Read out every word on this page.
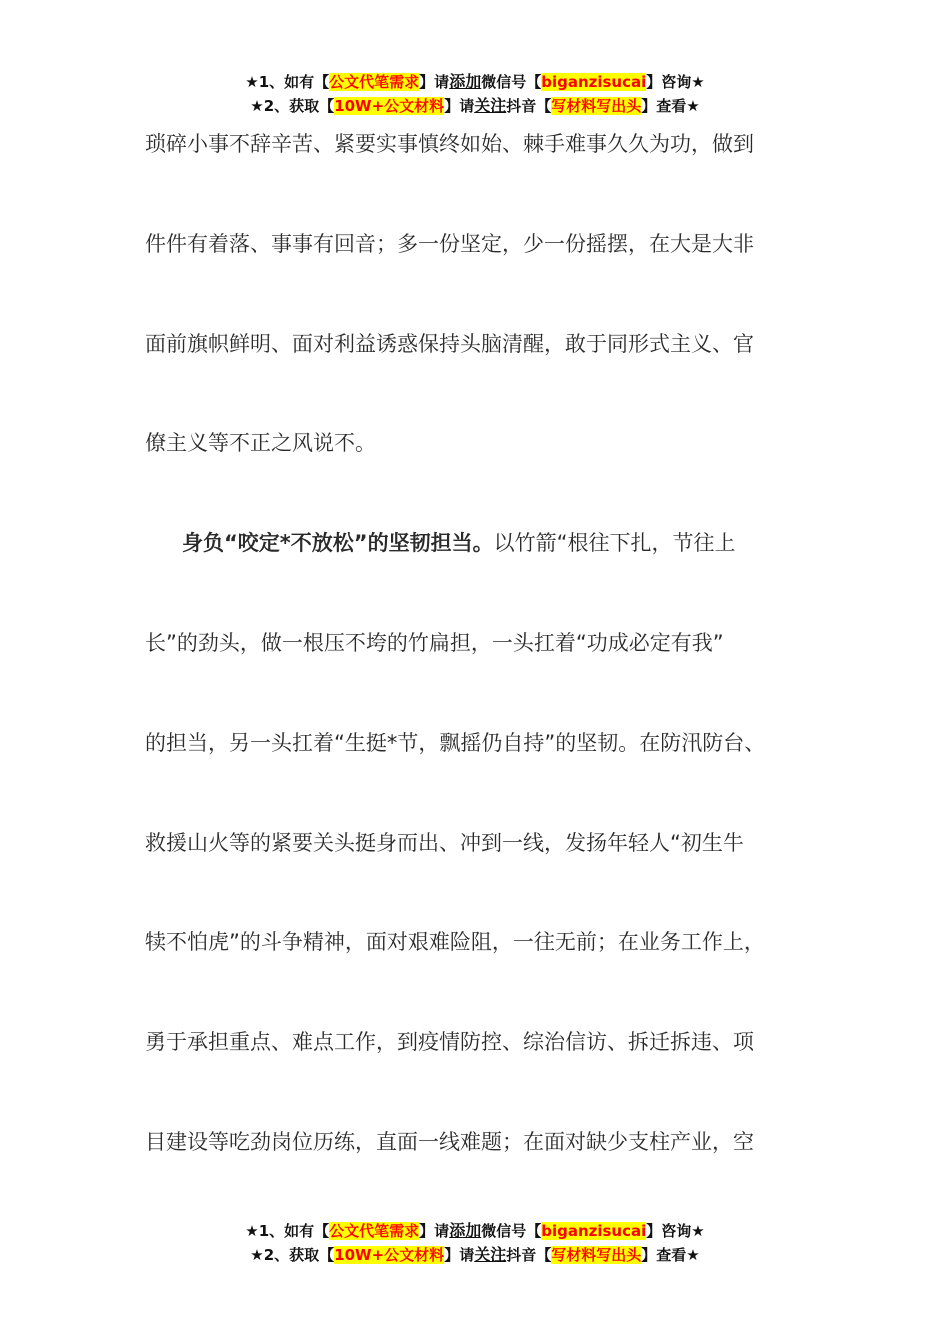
★1、如有【公文代笔需求】请添加微信号【biganzisucai】咨询★
★2、获取【10W+公文材料】请关注抖音【写材料写出头】查看★
琐碎小事不辞辛苦、紧要实事慎终如始、棘手难事久久为功，做到
件件有着落、事事有回音；多一份坚定，少一份摇摆，在大是大非
面前旗帜鲜明、面对利益诱惑保持头脑清醒，敢于同形式主义、官
僚主义等不正之风说不。
身负“咬定*不放松”的坚韧担当。以竹箭“根往下扎，节往上
长”的劲头，做一根压不垮的竹扁担，一头扛着“功成必定有我”
的担当，另一头扛着“生挺*节，飘摇仍自持”的坚韧。在防汛防台、
救援山火等的紧要关头挺身而出、冲到一线，发扬年轻人“初生牛
犊不怕虎”的斗争精神，面对艰难险阻，一往无前；在业务工作上，
勇于承担重点、难点工作，到疫情防控、综治信访、拆迁拆违、项
目建设等吃劲岗位历练，直面一线难题；在面对缺少支柱产业，空
★1、如有【公文代笔需求】请添加微信号【biganzisucai】咨询★
★2、获取【10W+公文材料】请关注抖音【写材料写出头】查看★
